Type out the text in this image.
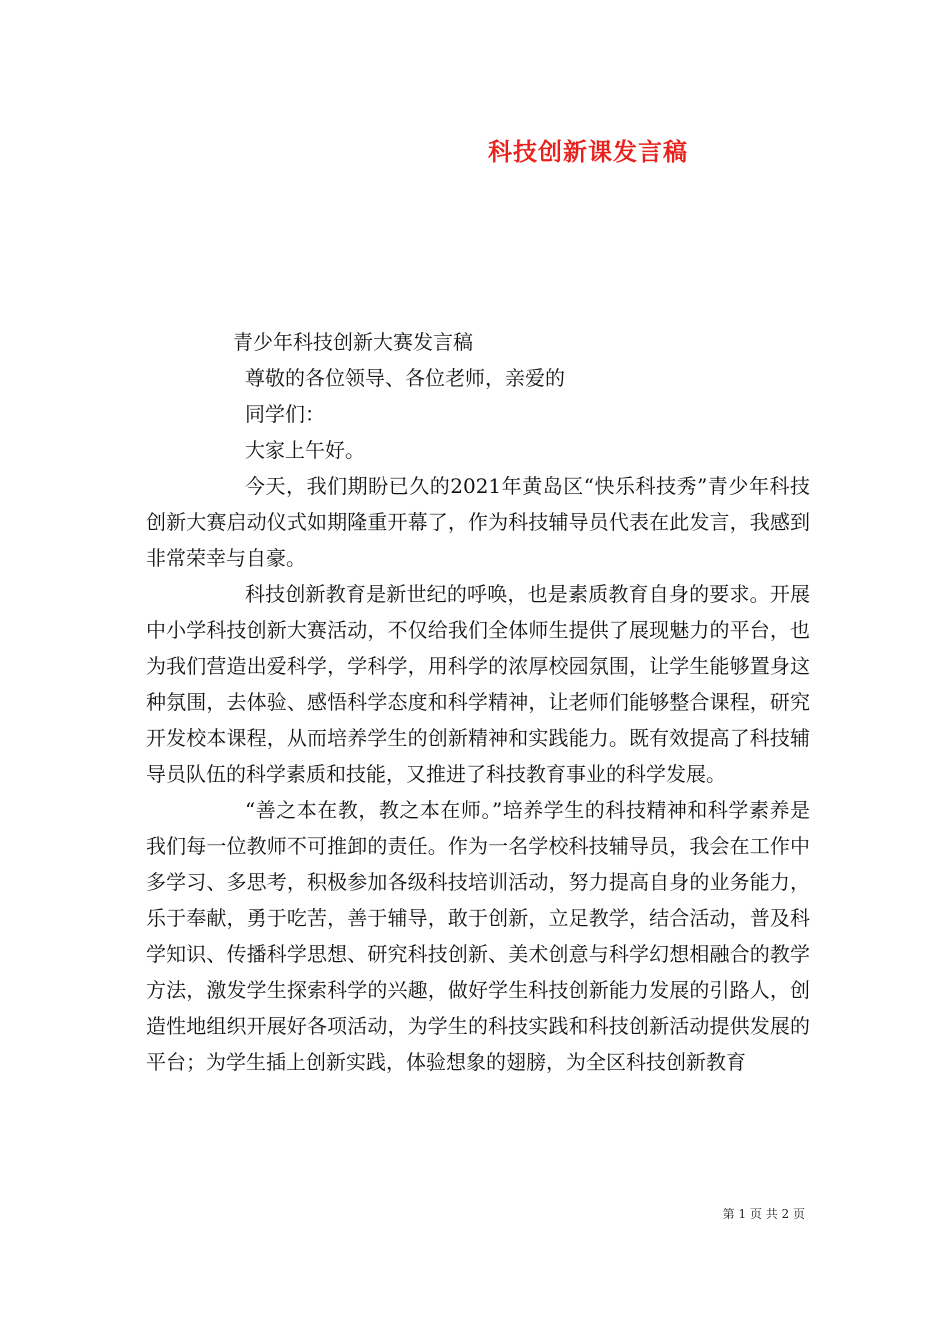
科技创新课发言稿

青少年科技创新大赛发言稿

尊敬的各位领导、各位老师，亲爱的

同学们：

大家上午好。

今天，我们期盼已久的2021年黄岛区“快乐科技秀”青少年科技创新大赛启动仪式如期隆重开幕了，作为科技辅导员代表在此发言，我感到非常荣幸与自豪。

科技创新教育是新世纪的呼唤，也是素质教育自身的要求。开展中小学科技创新大赛活动，不仅给我们全体师生提供了展现魅力的平台，也为我们营造出爱科学，学科学，用科学的浓厚校园氛围，让学生能够置身这种氛围，去体验、感悟科学态度和科学精神，让老师们能够整合课程，研究开发校本课程，从而培养学生的创新精神和实践能力。既有效提高了科技辅导员队伍的科学素质和技能，又推进了科技教育事业的科学发展。

“善之本在教，教之本在师。”培养学生的科技精神和科学素养是我们每一位教师不可推卸的责任。作为一名学校科技辅导员，我会在工作中多学习、多思考，积极参加各级科技培训活动，努力提高自身的业务能力，乐于奉献，勇于吃苦，善于辅导，敢于创新，立足教学，结合活动，普及科学知识、传播科学思想、研究科技创新、美术创意与科学幻想相融合的教学方法，激发学生探索科学的兴趣，做好学生科技创新能力发展的引路人，创造性地组织开展好各项活动，为学生的科技实践和科技创新活动提供发展的平台；为学生插上创新实践，体验想象的翅膀，为全区科技创新教育

第 1 页 共 2 页
